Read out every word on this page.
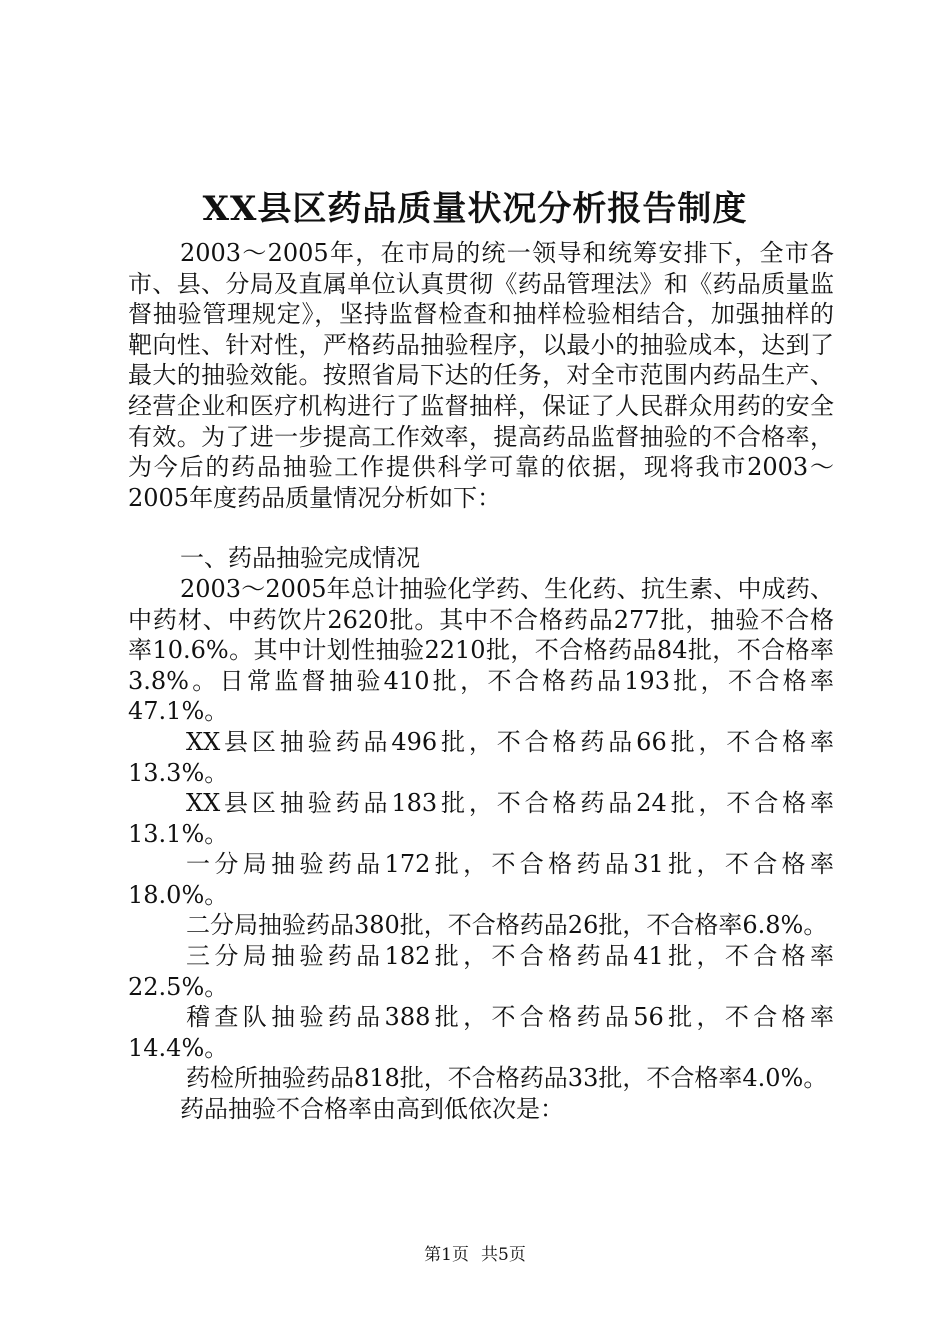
XX县区药品质量状况分析报告制度

2003～2005年，在市局的统一领导和统筹安排下，全市各市、县、分局及直属单位认真贯彻《药品管理法》和《药品质量监督抽验管理规定》，坚持监督检查和抽样检验相结合，加强抽样的靶向性、针对性，严格药品抽验程序，以最小的抽验成本，达到了最大的抽验效能。按照省局下达的任务，对全市范围内药品生产、经营企业和医疗机构进行了监督抽样，保证了人民群众用药的安全有效。为了进一步提高工作效率，提高药品监督抽验的不合格率，为今后的药品抽验工作提供科学可靠的依据，现将我市2003～2005年度药品质量情况分析如下：

一、药品抽验完成情况

2003～2005年总计抽验化学药、生化药、抗生素、中成药、中药材、中药饮片2620批。其中不合格药品277批，抽验不合格率10.6%。其中计划性抽验2210批，不合格药品84批，不合格率3.8%。日常监督抽验410批，不合格药品193批，不合格率47.1%。

XX县区抽验药品496批，不合格药品66批，不合格率13.3%。

XX县区抽验药品183批，不合格药品24批，不合格率13.1%。

一分局抽验药品172批，不合格药品31批，不合格率18.0%。

二分局抽验药品380批，不合格药品26批，不合格率6.8%。

三分局抽验药品182批，不合格药品41批，不合格率22.5%。

稽查队抽验药品388批，不合格药品56批，不合格率14.4%。

药检所抽验药品818批，不合格药品33批，不合格率4.0%。

药品抽验不合格率由高到低依次是：

第1页 共5页
